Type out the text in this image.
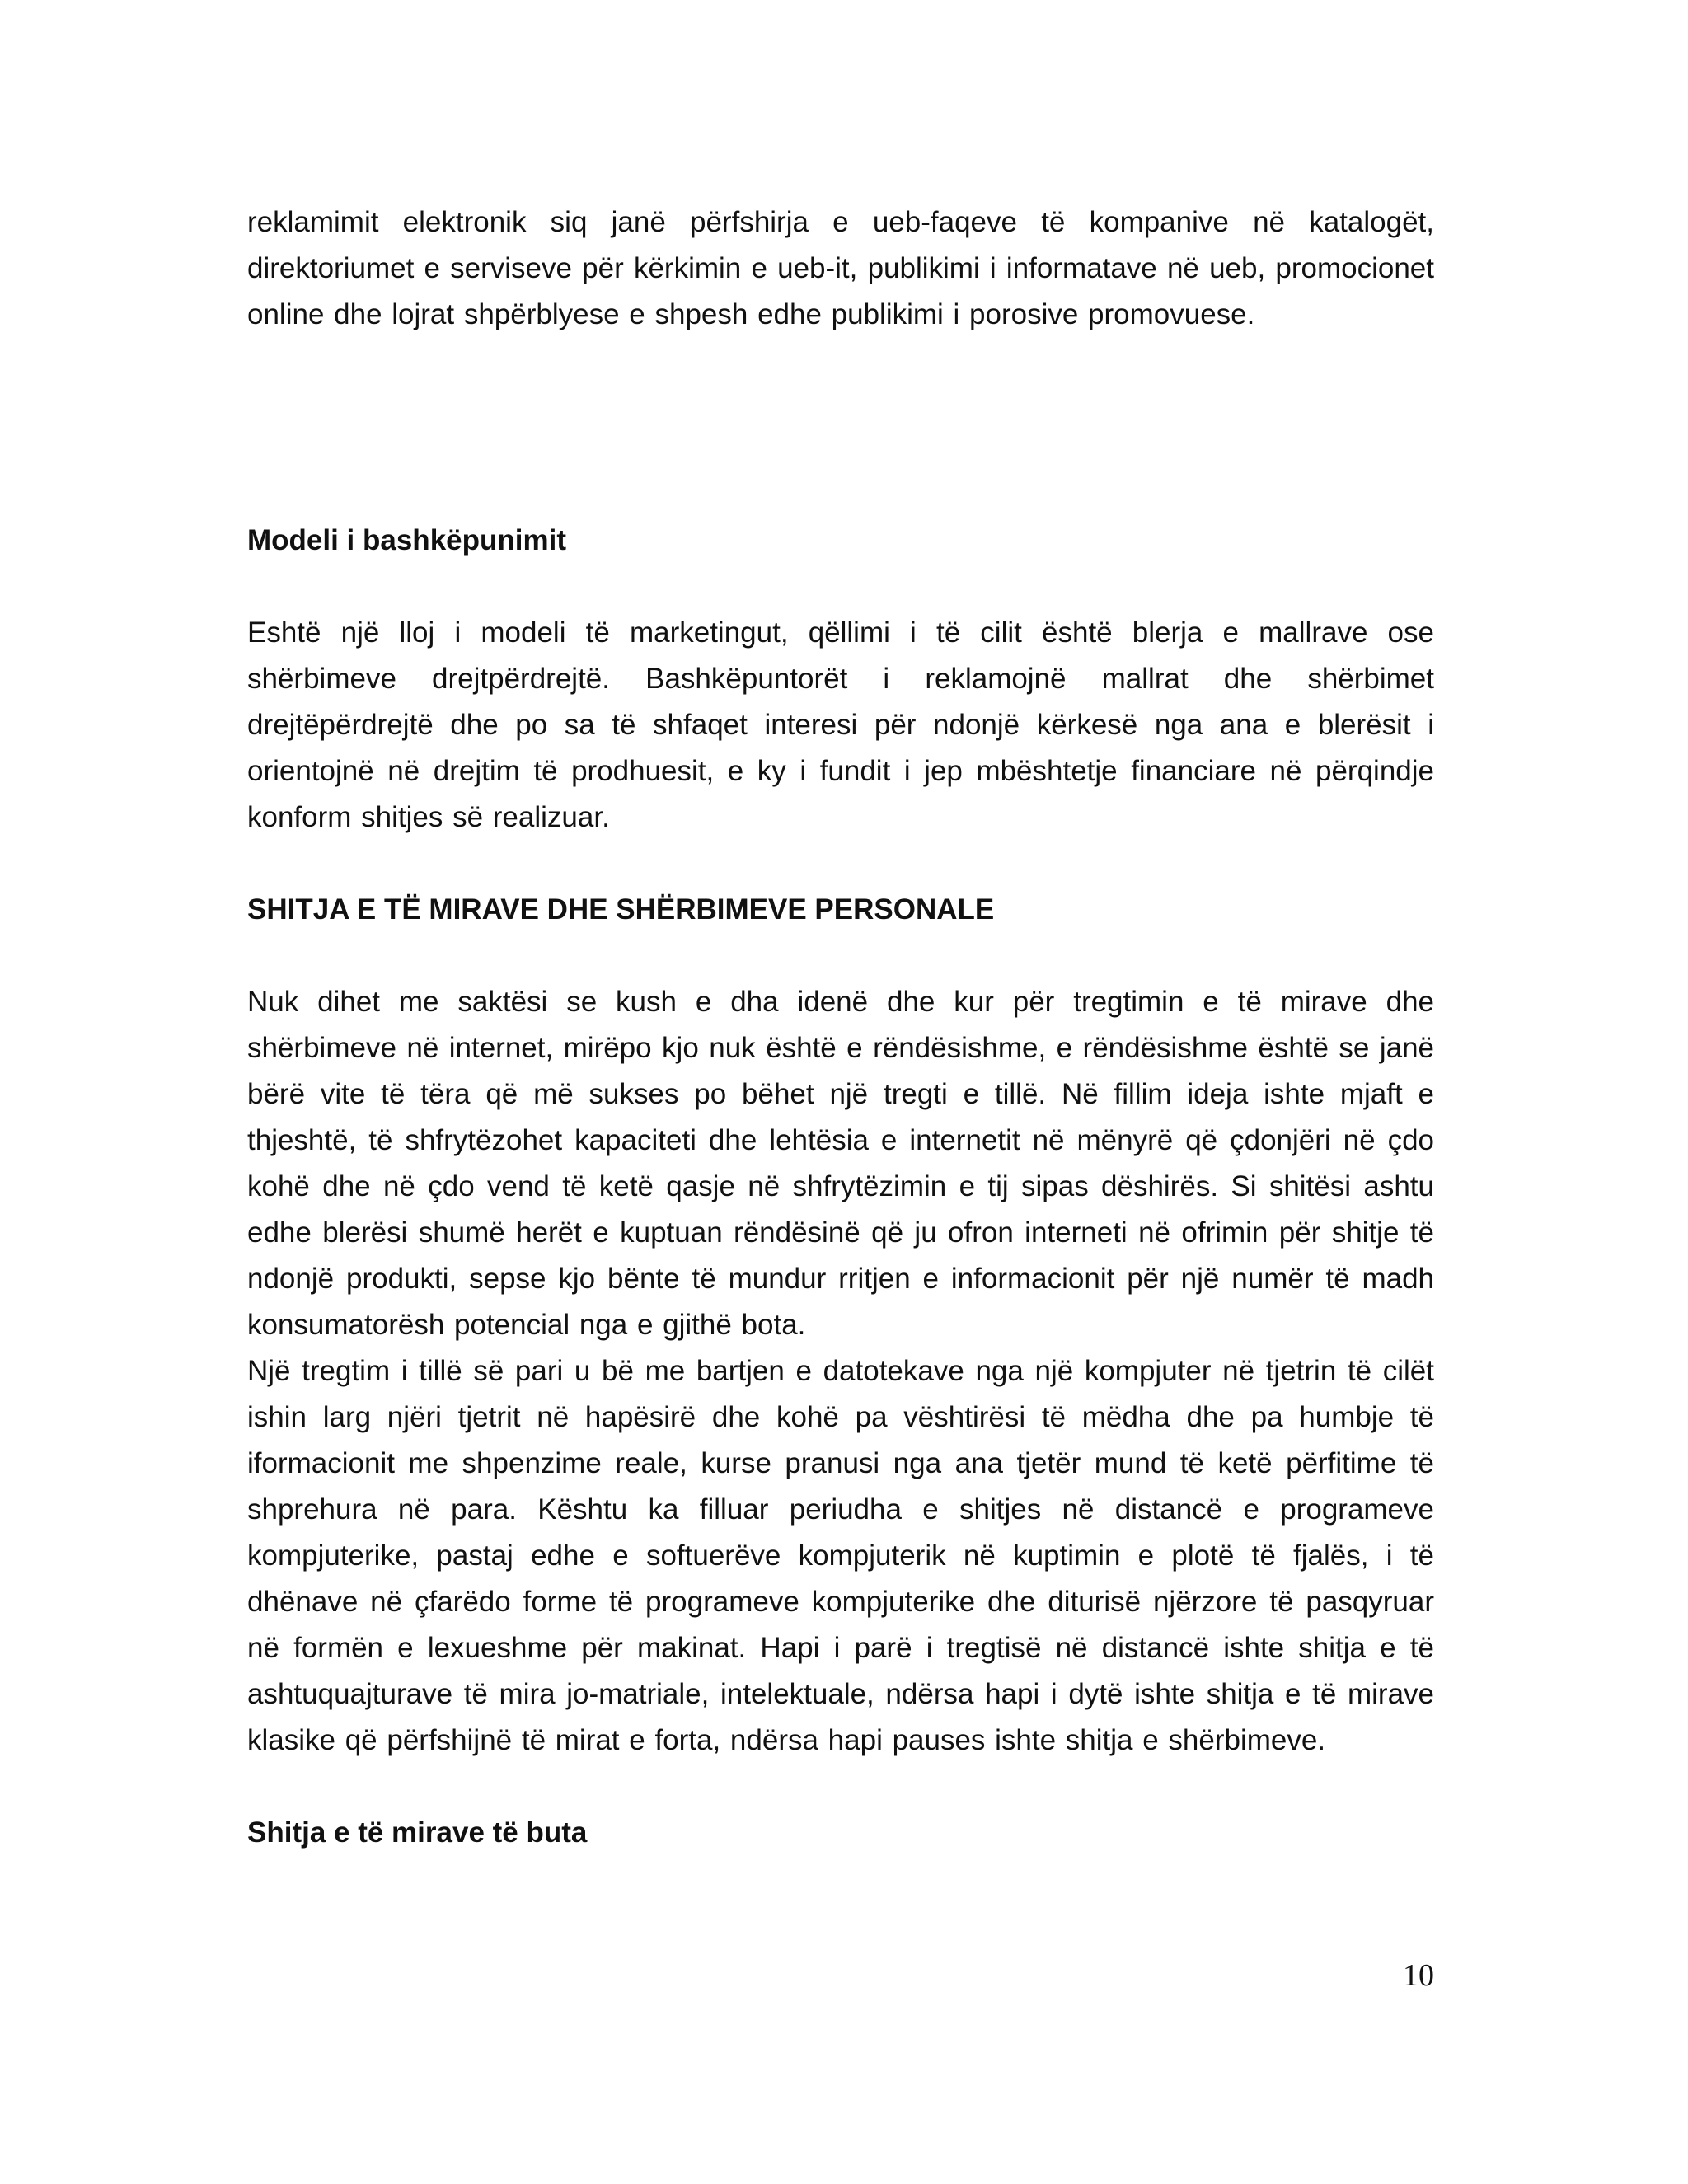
reklamimit elektronik siq janë përfshirja e ueb-faqeve të kompanive në katalogët, direktoriumet e serviseve për kërkimin e ueb-it, publikimi i informatave në ueb, promocionet online dhe lojrat shpërblyese e shpesh edhe publikimi i porosive promovuese.

Modeli i bashkëpunimit

Eshtë një lloj i modeli të marketingut, qëllimi i të cilit është blerja e mallrave ose shërbimeve drejtpërdrejtë. Bashkëpuntorët i reklamojnë mallrat dhe shërbimet drejtëpërdrejtë dhe po sa të shfaqet interesi për ndonjë kërkesë nga ana e blerësit i orientojnë në drejtim të prodhuesit, e ky i fundit i jep mbështetje financiare në përqindje konform shitjes së realizuar.

SHITJA E TË MIRAVE DHE SHËRBIMEVE PERSONALE

Nuk dihet me saktësi se kush e dha idenë dhe kur për tregtimin e të mirave dhe shërbimeve në internet, mirëpo kjo nuk është e rëndësishme, e rëndësishme është se janë bërë vite të tëra që më sukses po bëhet një tregti e tillë. Në fillim ideja ishte mjaft e thjeshtë, të shfrytëzohet kapaciteti dhe lehtësia e internetit në mënyrë që çdonjëri në çdo kohë dhe në çdo vend të ketë qasje në shfrytëzimin e tij sipas dëshirës. Si shitësi ashtu edhe blerësi shumë herët e kuptuan rëndësinë që ju ofron interneti në ofrimin për shitje të ndonjë produkti, sepse kjo bënte të mundur rritjen e informacionit për një numër të madh konsumatorësh potencial nga e gjithë bota.

Një tregtim i tillë së pari u bë me bartjen e datotekave nga një kompjuter në tjetrin të cilët ishin larg njëri tjetrit në hapësirë dhe kohë pa vështirësi të mëdha dhe pa humbje të iformacionit me shpenzime reale, kurse pranusi nga ana tjetër mund të ketë përfitime të shprehura në para. Kështu ka filluar periudha e shitjes në distancë e programeve kompjuterike, pastaj edhe e softuerëve kompjuterik në kuptimin e plotë të fjalës, i të dhënave në çfarëdo forme të programeve kompjuterike dhe diturisë njërzore të pasqyruar në formën e lexueshme për makinat. Hapi i parë i tregtisë në distancë ishte shitja e të ashtuquajturave të mira jo-matriale, intelektuale, ndërsa hapi i dytë ishte shitja e të mirave klasike që përfshijnë të mirat e forta, ndërsa hapi pauses ishte shitja e shërbimeve.

Shitja e të mirave të buta

10
